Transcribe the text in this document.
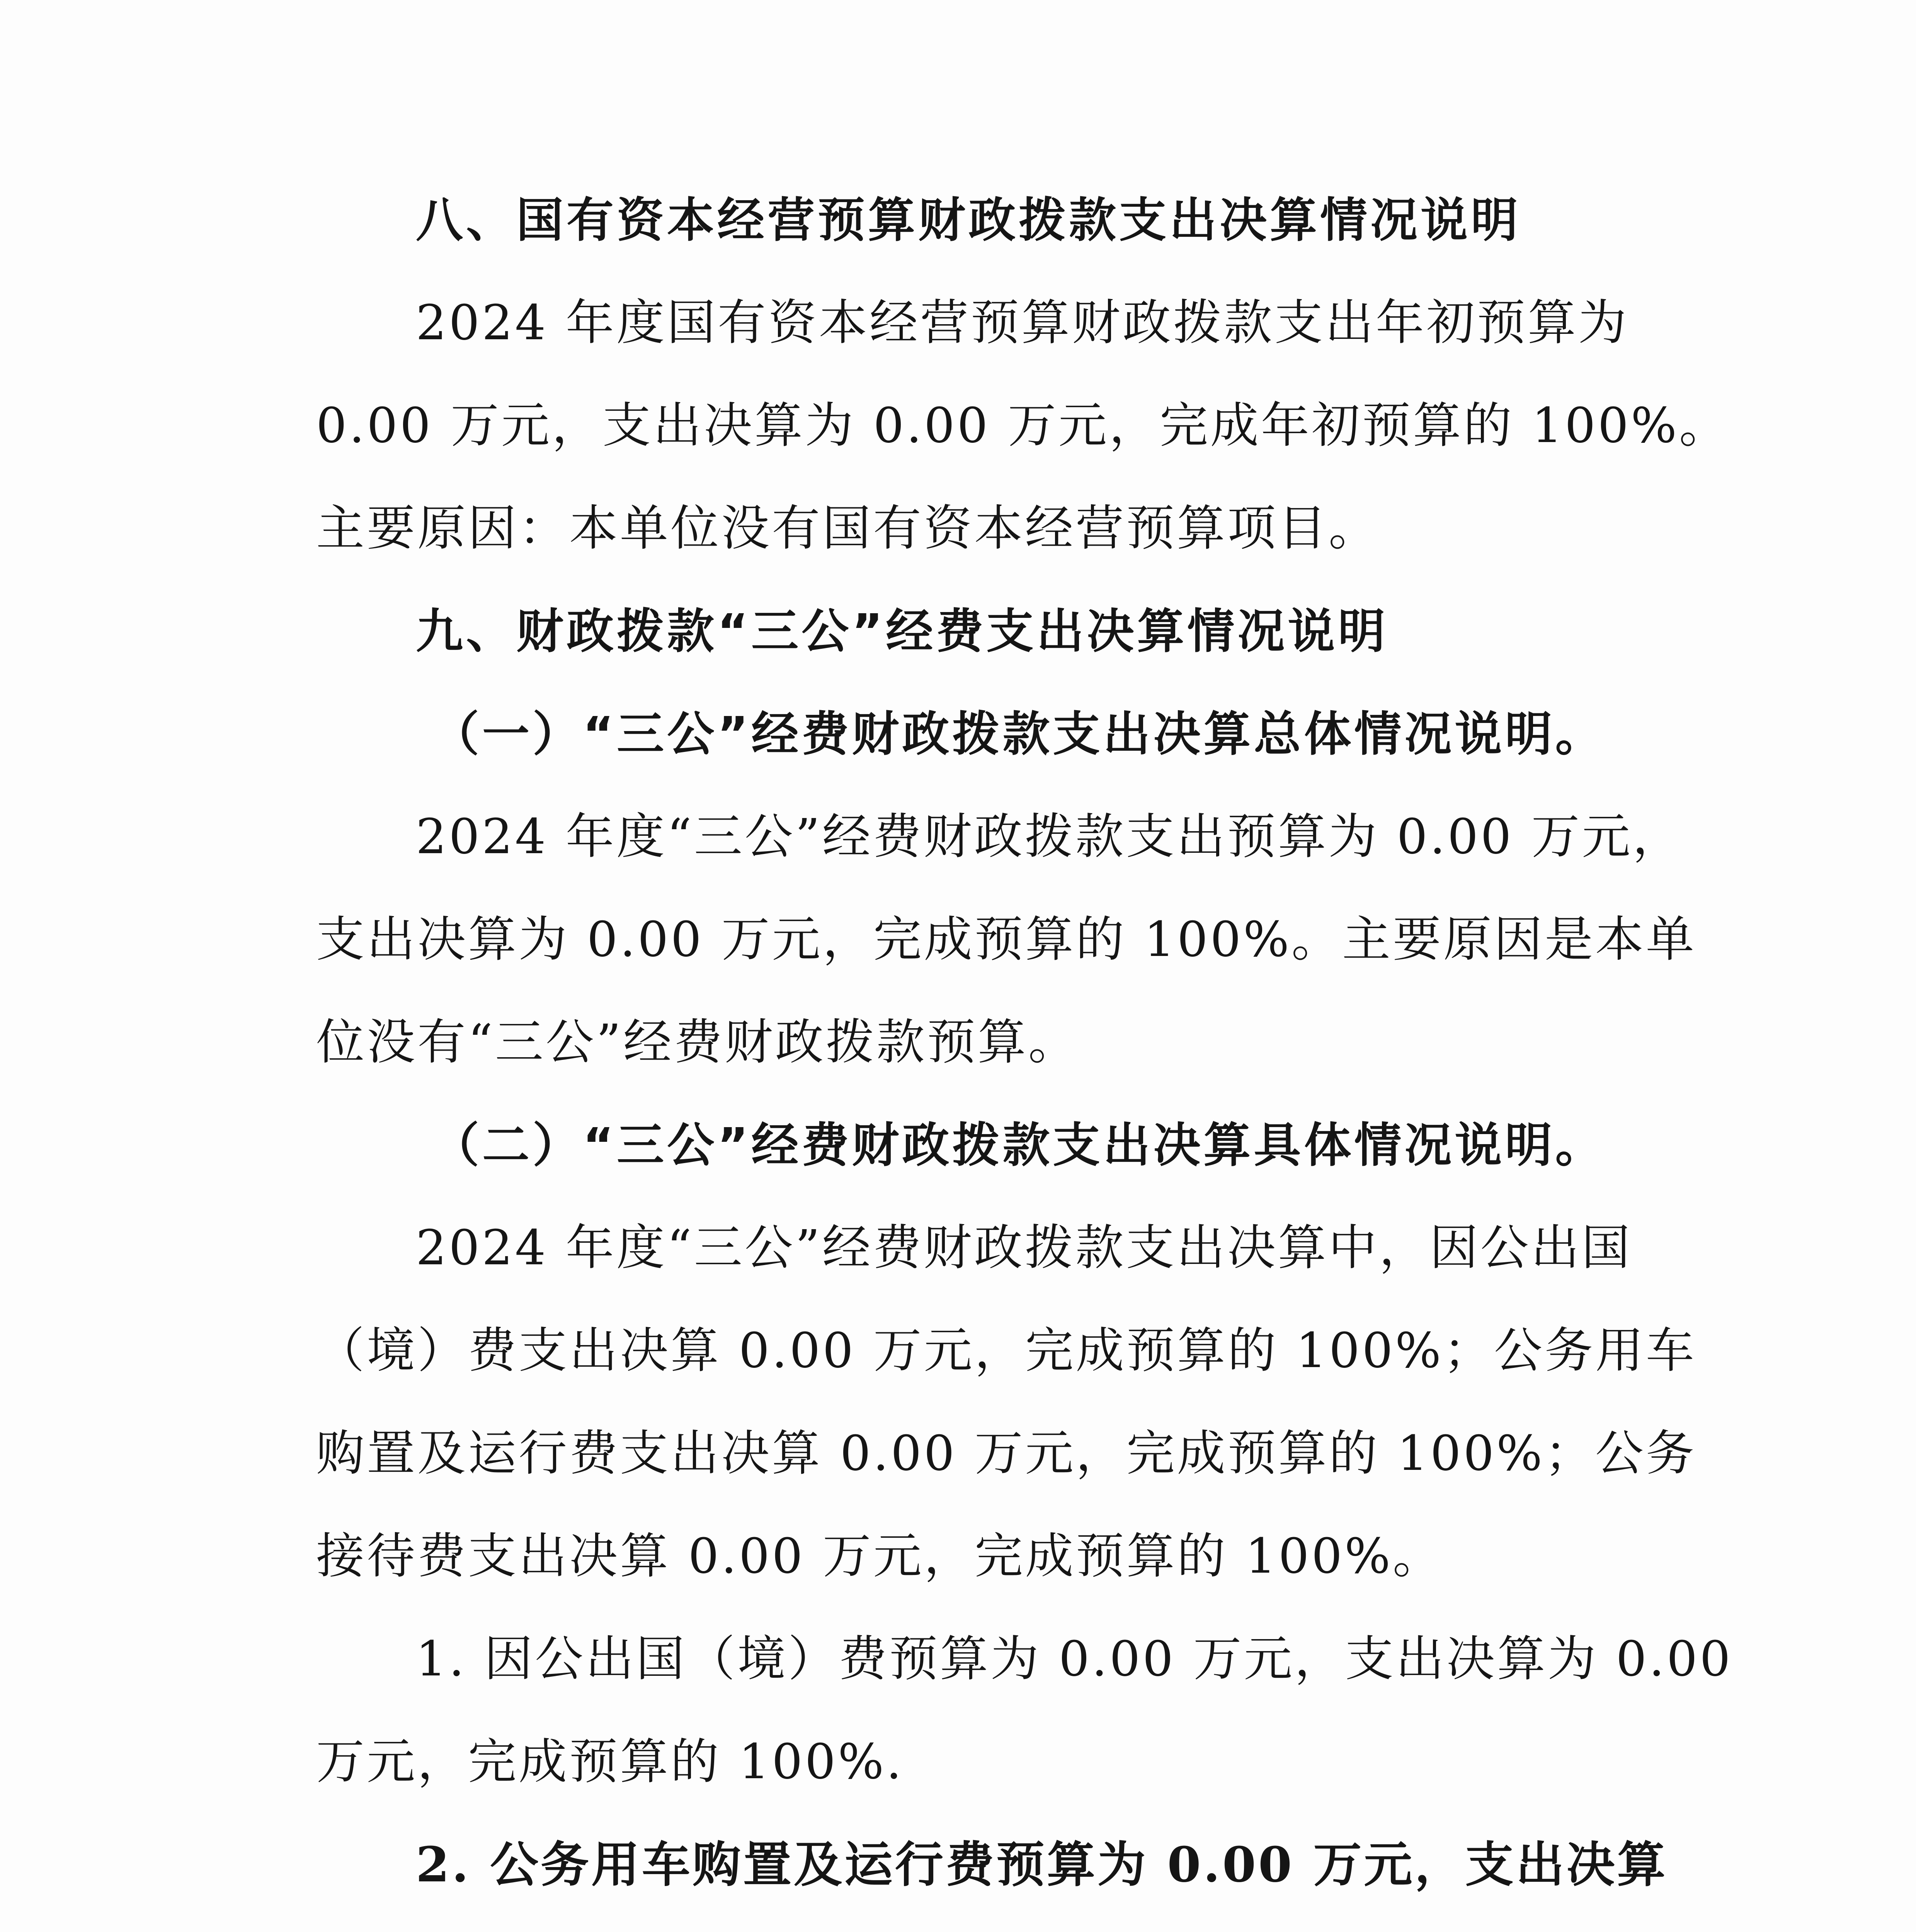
八、国有资本经营预算财政拨款支出决算情况说明
2024 年度国有资本经营预算财政拨款支出年初预算为
0.00 万元，支出决算为 0.00 万元，完成年初预算的 100%。
主要原因：本单位没有国有资本经营预算项目。
九、财政拨款“三公”经费支出决算情况说明
（一）“三公”经费财政拨款支出决算总体情况说明。
2024 年度“三公”经费财政拨款支出预算为 0.00 万元，
支出决算为 0.00 万元，完成预算的 100%。主要原因是本单
位没有“三公”经费财政拨款预算。
（二）“三公”经费财政拨款支出决算具体情况说明。
2024 年度“三公”经费财政拨款支出决算中，因公出国
（境）费支出决算 0.00 万元，完成预算的 100%；公务用车
购置及运行费支出决算 0.00 万元，完成预算的 100%；公务
接待费支出决算 0.00 万元，完成预算的 100%。
1. 因公出国（境）费预算为 0.00 万元，支出决算为 0.00
万元，完成预算的 100%.
2. 公务用车购置及运行费预算为 0.00 万元，支出决算
